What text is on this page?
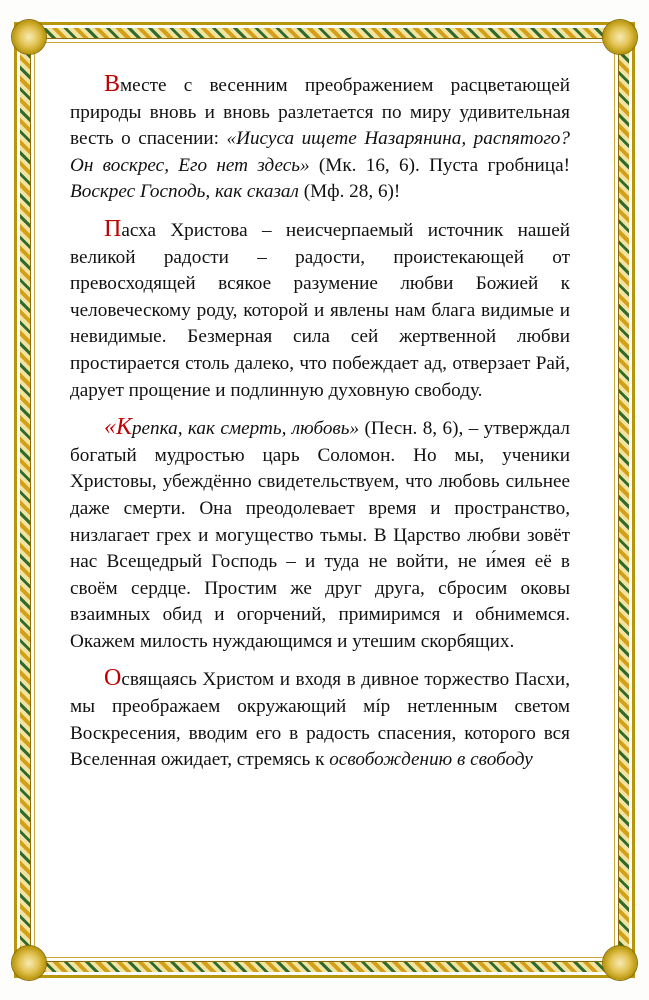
Вместе с весенним преображением расцветающей природы вновь и вновь разлетается по миру удивительная весть о спасении: «Иисуса ищете Назарянина, распятого? Он воскрес, Его нет здесь» (Мк. 16, 6). Пуста гробница! Воскрес Господь, как сказал (Мф. 28, 6)!

Пасха Христова – неисчерпаемый источник нашей великой радости – радости, проистекающей от превосходящей всякое разумение любви Божией к человеческому роду, которой и явлены нам блага видимые и невидимые. Безмерная сила сей жертвенной любви простирается столь далеко, что побеждает ад, отверзает Рай, дарует прощение и подлинную духовную свободу.

«Крепка, как смерть, любовь» (Песн. 8, 6), – утверждал богатый мудростью царь Соломон. Но мы, ученики Христовы, убеждённо свидетельствуем, что любовь сильнее даже смерти. Она преодолевает время и пространство, низлагает грех и могущество тьмы. В Царство любви зовёт нас Всещедрый Господь – и туда не войти, не и́мея её в своём сердце. Простим же друг друга, сбросим оковы взаимных обид и огорчений, примиримся и обнимемся. Окажем милость нуждающимся и утешим скорбящих.

Освящаясь Христом и входя в дивное торжество Пасхи, мы преображаем окружающий мíр нетленным светом Воскресения, вводим его в радость спасения, которого вся Вселенная ожидает, стремясь к освобождению в свободу
